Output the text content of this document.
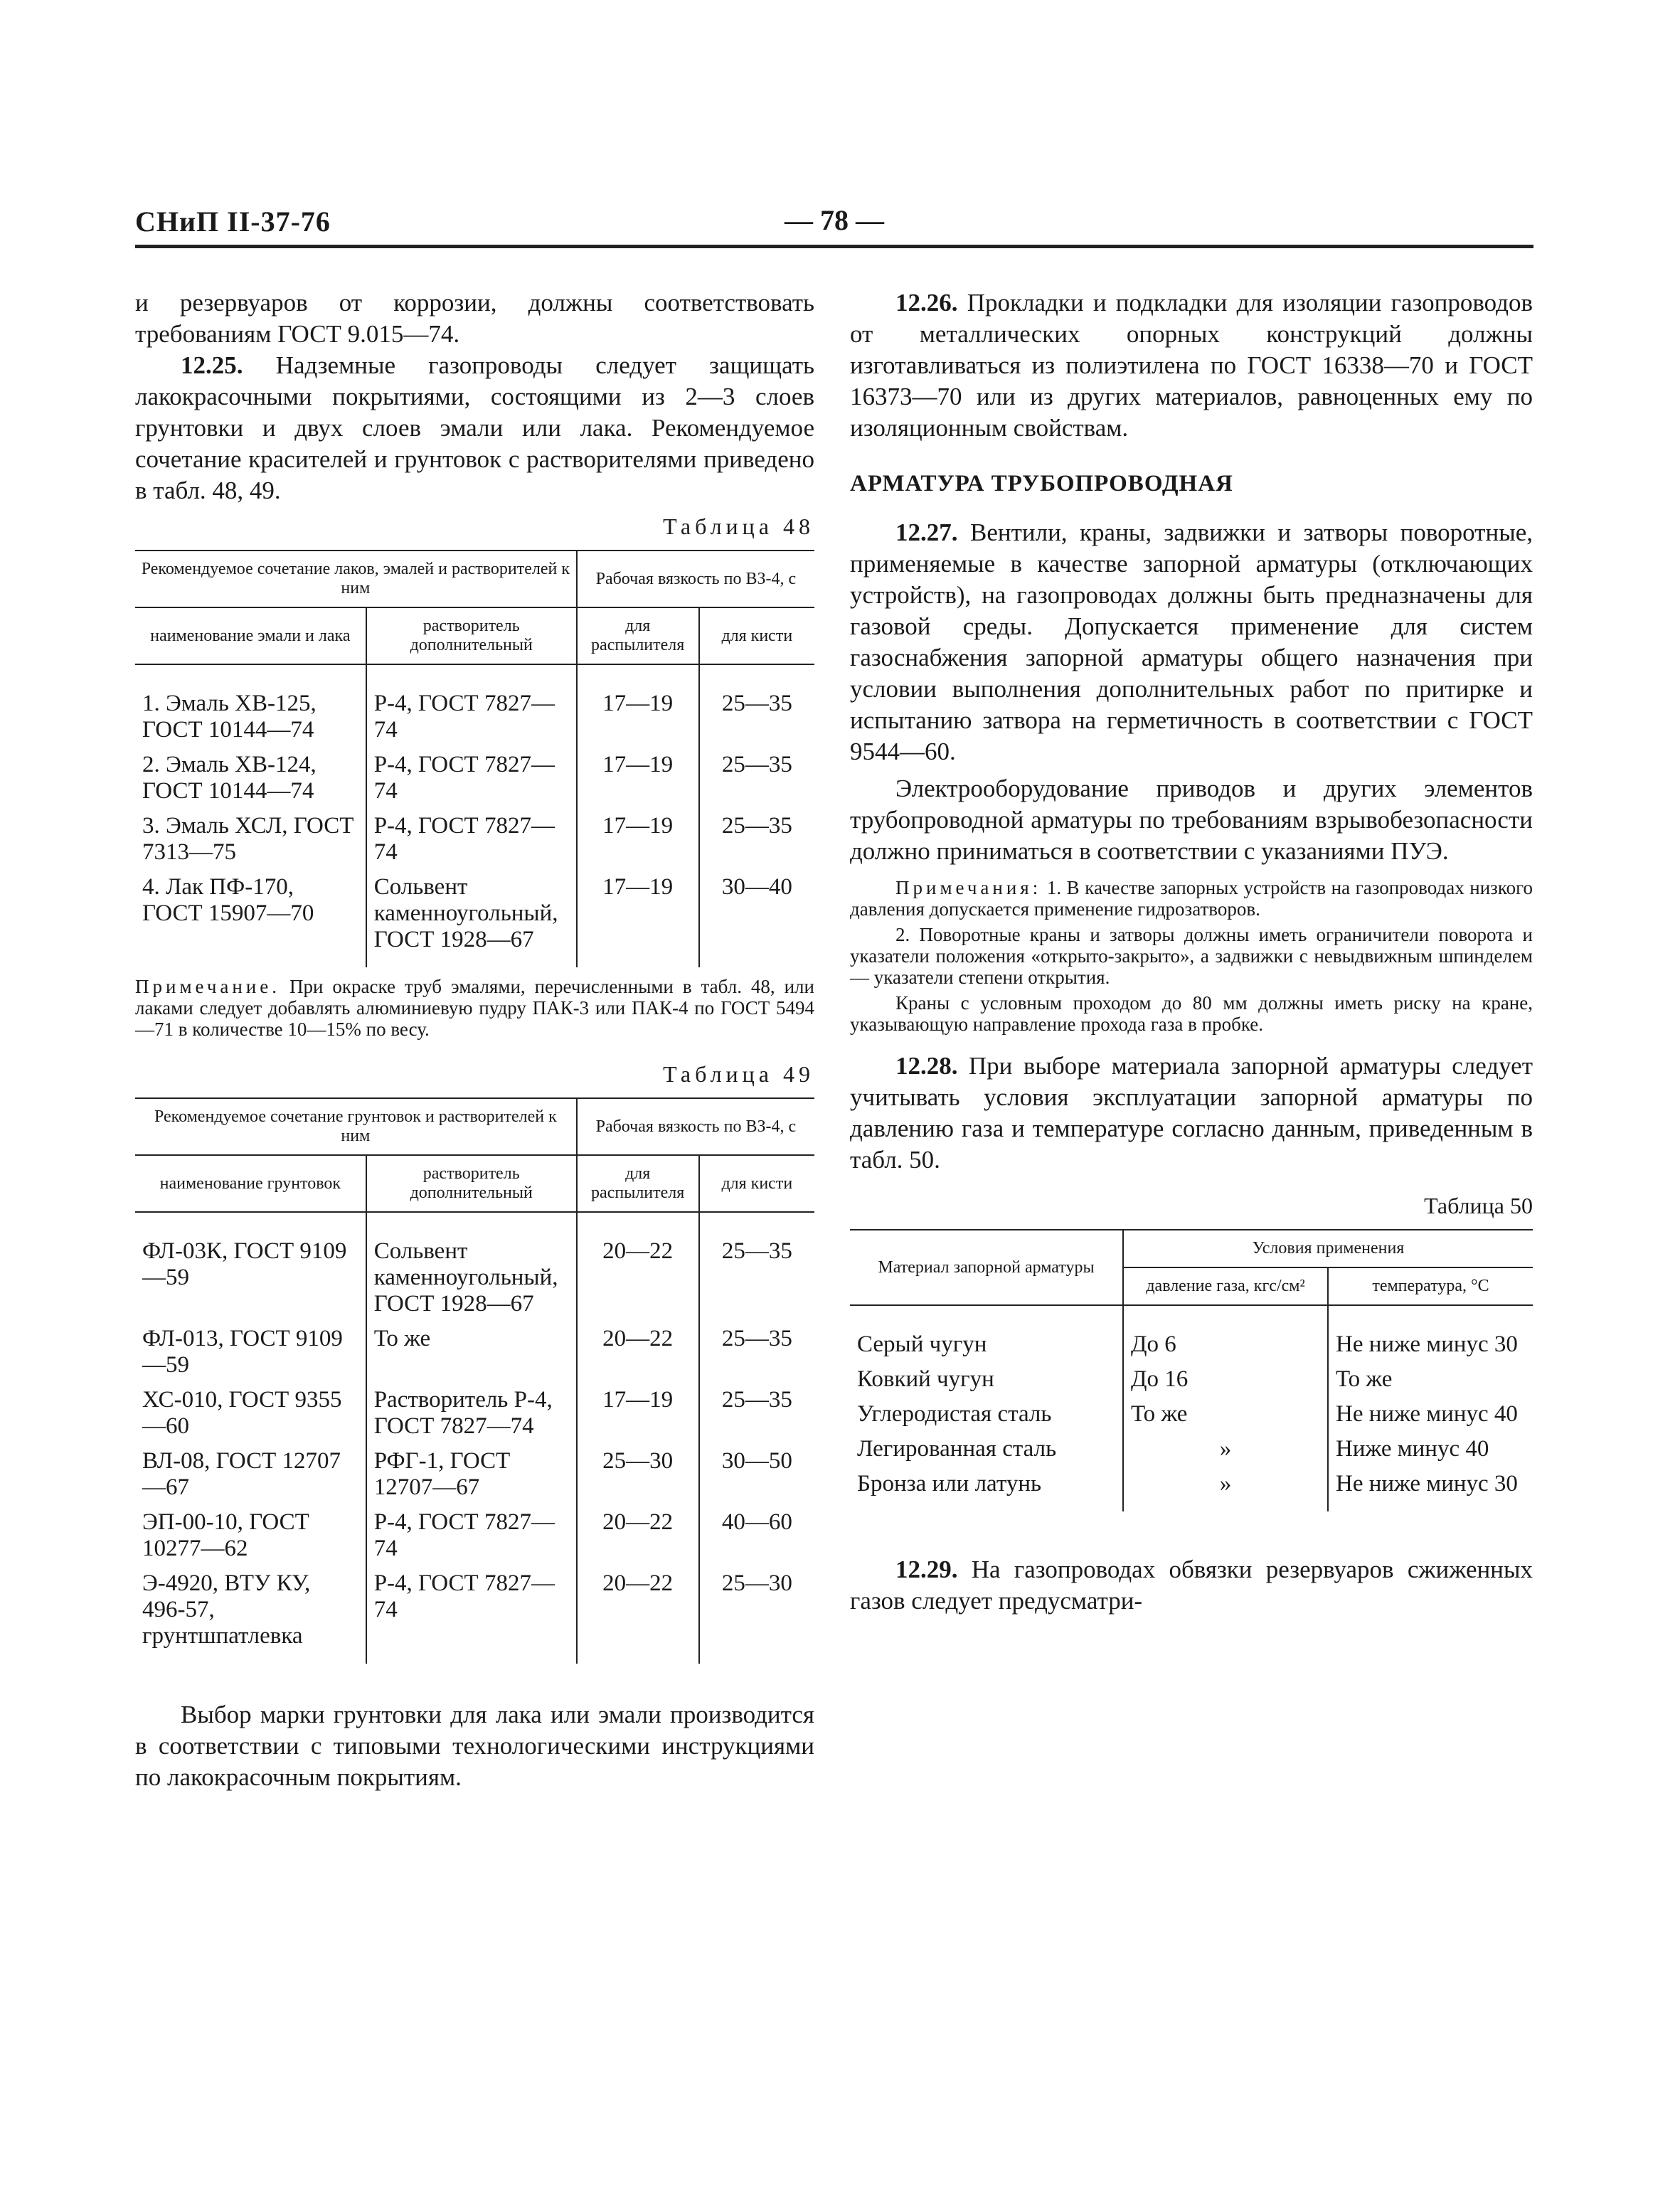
СНиП II-37-76	— 78 —

и резервуаров от коррозии, должны соответствовать требованиям ГОСТ 9.015—74.

12.25. Надземные газопроводы следует защищать лакокрасочными покрытиями, состоящими из 2—3 слоев грунтовки и двух слоев эмали или лака. Рекомендуемое сочетание красителей и грунтовок с растворителями приведено в табл. 48, 49.

Таблица 48
Рекомендуемое сочетание лаков, эмалей и растворителей к ним		Рабочая вязкость по ВЗ-4, с	
наименование эмали и лака	растворитель дополнительный	для распылителя	для кисти
1. Эмаль ХВ-125, ГОСТ 10144—74	Р-4, ГОСТ 7827—74	17—19	25—35
2. Эмаль ХВ-124, ГОСТ 10144—74	Р-4, ГОСТ 7827—74	17—19	25—35
3. Эмаль ХСЛ, ГОСТ 7313—75	Р-4, ГОСТ 7827—74	17—19	25—35
4. Лак ПФ-170, ГОСТ 15907—70	Сольвент каменноугольный, ГОСТ 1928—67	17—19	30—40

Примечание. При окраске труб эмалями, перечисленными в табл. 48, или лаками следует добавлять алюминиевую пудру ПАК-3 или ПАК-4 по ГОСТ 5494—71 в количестве 10—15% по весу.

Таблица 49
Рекомендуемое сочетание грунтовок и растворителей к ним		Рабочая вязкость по ВЗ-4, с	
наименование грунтовок	растворитель дополнительный	для распылителя	для кисти
ФЛ-03К, ГОСТ 9109—59	Сольвент каменноугольный, ГОСТ 1928—67	20—22	25—35
ФЛ-013, ГОСТ 9109—59	То же	20—22	25—35
ХС-010, ГОСТ 9355—60	Растворитель Р-4, ГОСТ 7827—74	17—19	25—35
ВЛ-08, ГОСТ 12707—67	РФГ-1, ГОСТ 12707—67	25—30	30—50
ЭП-00-10, ГОСТ 10277—62	Р-4, ГОСТ 7827—74	20—22	40—60
Э-4920, ВТУ КУ, 496-57, грунтшпатлевка	Р-4, ГОСТ 7827—74	20—22	25—30

Выбор марки грунтовки для лака или эмали производится в соответствии с типовыми технологическими инструкциями по лакокрасочным покрытиям.

12.26. Прокладки и подкладки для изоляции газопроводов от металлических опорных конструкций должны изготавливаться из полиэтилена по ГОСТ 16338—70 и ГОСТ 16373—70 или из других материалов, равноценных ему по изоляционным свойствам.

АРМАТУРА ТРУБОПРОВОДНАЯ

12.27. Вентили, краны, задвижки и затворы поворотные, применяемые в качестве запорной арматуры (отключающих устройств), на газопроводах должны быть предназначены для газовой среды. Допускается применение для систем газоснабжения запорной арматуры общего назначения при условии выполнения дополнительных работ по притирке и испытанию затвора на герметичность в соответствии с ГОСТ 9544—60.

Электрооборудование приводов и других элементов трубопроводной арматуры по требованиям взрывобезопасности должно приниматься в соответствии с указаниями ПУЭ.

Примечания: 1. В качестве запорных устройств на газопроводах низкого давления допускается применение гидрозатворов.

2. Поворотные краны и затворы должны иметь ограничители поворота и указатели положения «открыто-закрыто», а задвижки с невыдвижным шпинделем — указатели степени открытия.

Краны с условным проходом до 80 мм должны иметь риску на кране, указывающую направление прохода газа в пробке.

12.28. При выборе материала запорной арматуры следует учитывать условия эксплуатации запорной арматуры по давлению газа и температуре согласно данным, приведенным в табл. 50.

Таблица 50
Материал запорной арматуры	Условия применения	
	давление газа, кгс/см²	температура, °С
Серый чугун	До 6	Не ниже минус 30
Ковкий чугун	До 16	То же
Углеродистая сталь	То же	Не ниже минус 40
Легированная сталь	»	Ниже минус 40
Бронза или латунь	»	Не ниже минус 30

12.29. На газопроводах обвязки резервуаров сжиженных газов следует предусматри-
